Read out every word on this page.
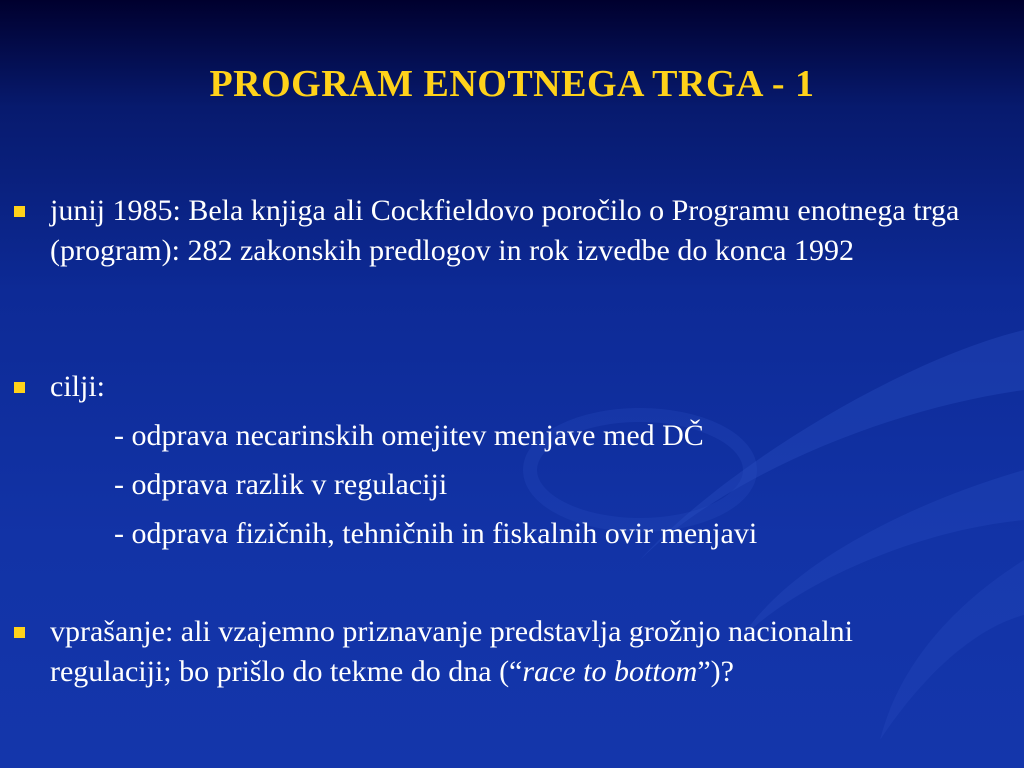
PROGRAM ENOTNEGA TRGA - 1
junij 1985: Bela knjiga ali Cockfieldovo poročilo o Programu enotnega trga (program): 282 zakonskih predlogov in rok izvedbe do konca 1992
cilji:
- odprava necarinskih omejitev menjave med DČ
- odprava razlik v regulaciji
- odprava fizičnih, tehničnih in fiskalnih ovir menjavi
vprašanje: ali vzajemno priznavanje predstavlja grožnjo nacionalni regulaciji; bo prišlo do tekme do dna (“race to bottom”)?
